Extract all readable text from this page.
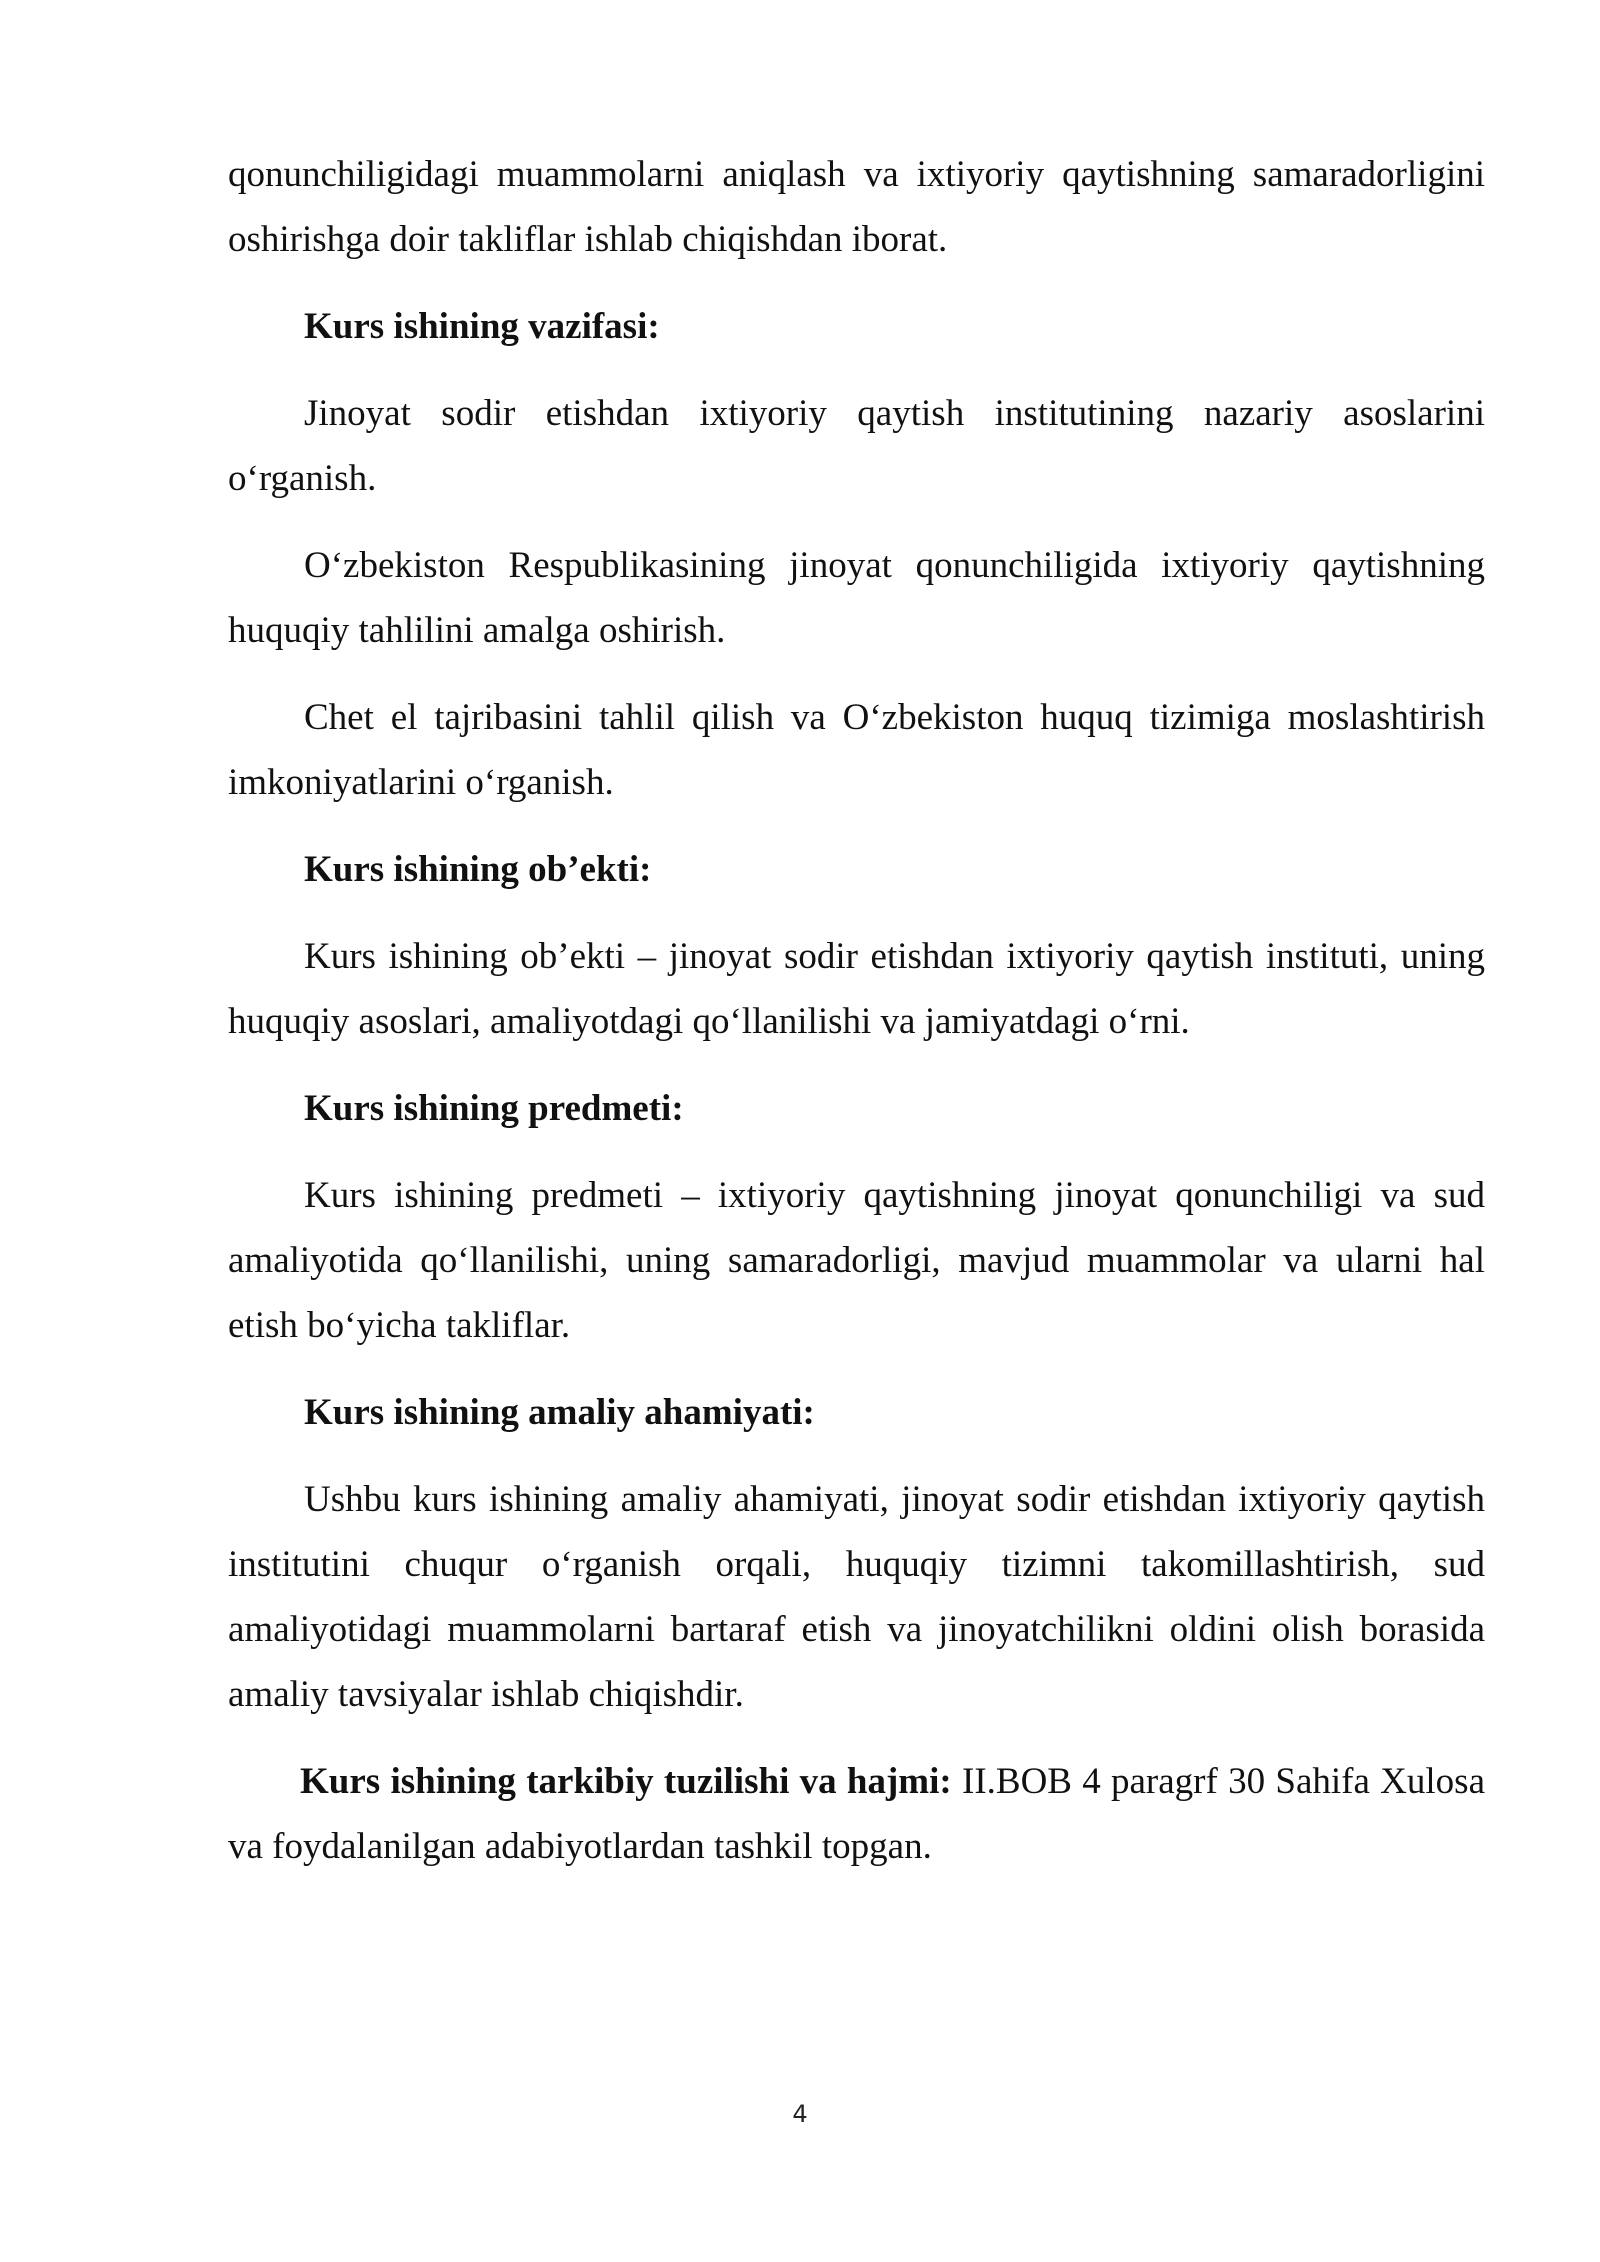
qonunchiligidagi muammolarni aniqlash va ixtiyoriy qaytishning samaradorligini oshirishga doir takliflar ishlab chiqishdan iborat.

Kurs ishining vazifasi:

Jinoyat sodir etishdan ixtiyoriy qaytish institutining nazariy asoslarini o‘rganish.

O‘zbekiston Respublikasining jinoyat qonunchiligida ixtiyoriy qaytishning huquqiy tahlilini amalga oshirish.

Chet el tajribasini tahlil qilish va O‘zbekiston huquq tizimiga moslashtirish imkoniyatlarini o‘rganish.

Kurs ishining ob’ekti:

Kurs ishining ob’ekti – jinoyat sodir etishdan ixtiyoriy qaytish instituti, uning huquqiy asoslari, amaliyotdagi qo‘llanilishi va jamiyatdagi o‘rni.

Kurs ishining predmeti:

Kurs ishining predmeti – ixtiyoriy qaytishning jinoyat qonunchiligi va sud amaliyotida qo‘llanilishi, uning samaradorligi, mavjud muammolar va ularni hal etish bo‘yicha takliflar.

Kurs ishining amaliy ahamiyati:

Ushbu kurs ishining amaliy ahamiyati, jinoyat sodir etishdan ixtiyoriy qaytish institutini chuqur o‘rganish orqali, huquqiy tizimni takomillashtirish, sud amaliyotidagi muammolarni bartaraf etish va jinoyatchilikni oldini olish borasida amaliy tavsiyalar ishlab chiqishdir.

Kurs ishining tarkibiy tuzilishi va hajmi: II.BOB 4 paragrf 30 Sahifa Xulosa va foydalanilgan adabiyotlardan tashkil topgan.

4
